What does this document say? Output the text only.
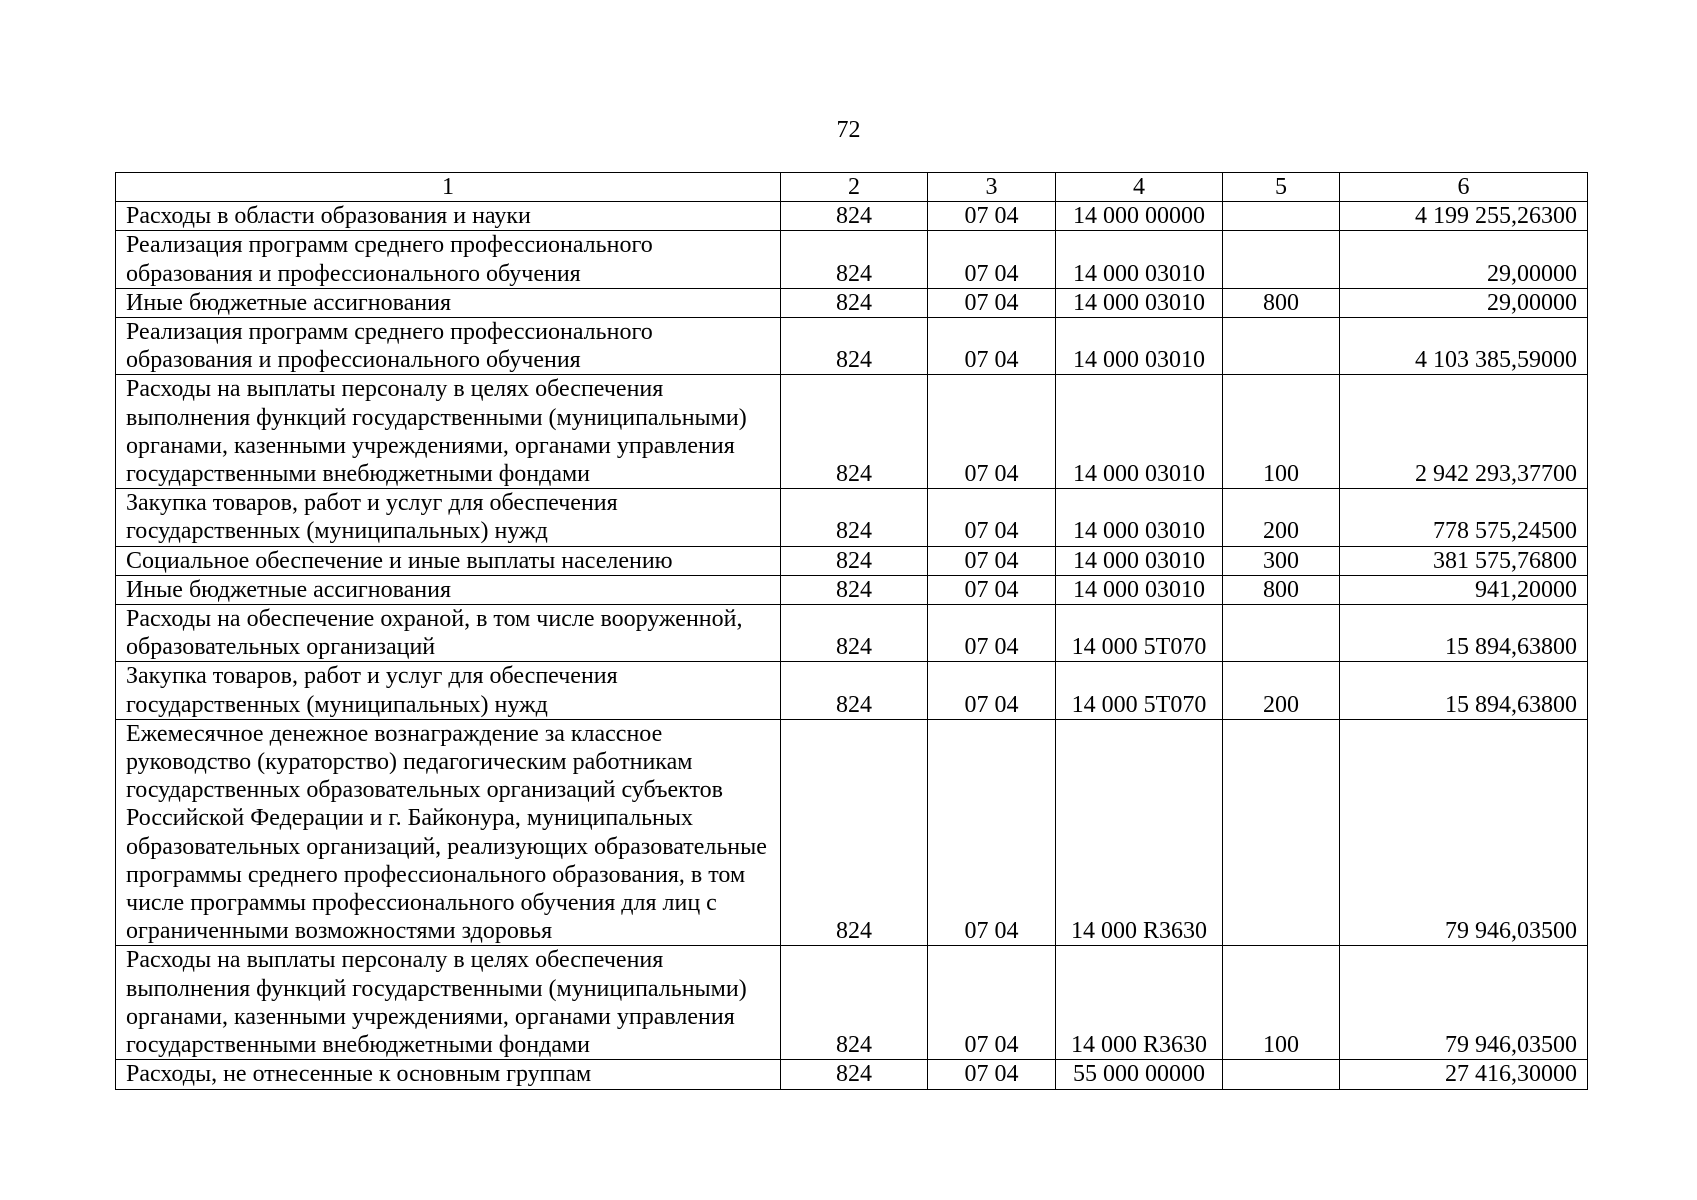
72
1	2	3	4	5	6
Расходы в области образования и науки	824	07 04	14 000 00000		4 199 255,26300
Реализация программ среднего профессионального образования и профессионального обучения	824	07 04	14 000 03010		29,00000
Иные бюджетные ассигнования	824	07 04	14 000 03010	800	29,00000
Реализация программ среднего профессионального образования и профессионального обучения	824	07 04	14 000 03010		4 103 385,59000
Расходы на выплаты персоналу в целях обеспечения выполнения функций государственными (муниципальными) органами, казенными учреждениями, органами управления государственными внебюджетными фондами	824	07 04	14 000 03010	100	2 942 293,37700
Закупка товаров, работ и услуг для обеспечения государственных (муниципальных) нужд	824	07 04	14 000 03010	200	778 575,24500
Социальное обеспечение и иные выплаты населению	824	07 04	14 000 03010	300	381 575,76800
Иные бюджетные ассигнования	824	07 04	14 000 03010	800	941,20000
Расходы на обеспечение охраной, в том числе вооруженной, образовательных организаций	824	07 04	14 000 5Т070		15 894,63800
Закупка товаров, работ и услуг для обеспечения государственных (муниципальных) нужд	824	07 04	14 000 5Т070	200	15 894,63800
Ежемесячное денежное вознаграждение за классное руководство (кураторство) педагогическим работникам государственных образовательных организаций субъектов Российской Федерации и г. Байконура, муниципальных образовательных организаций, реализующих образовательные программы среднего профессионального образования, в том числе программы профессионального обучения для лиц с ограниченными возможностями здоровья	824	07 04	14 000 R3630		79 946,03500
Расходы на выплаты персоналу в целях обеспечения выполнения функций государственными (муниципальными) органами, казенными учреждениями, органами управления государственными внебюджетными фондами	824	07 04	14 000 R3630	100	79 946,03500
Расходы, не отнесенные к основным группам	824	07 04	55 000 00000		27 416,30000
